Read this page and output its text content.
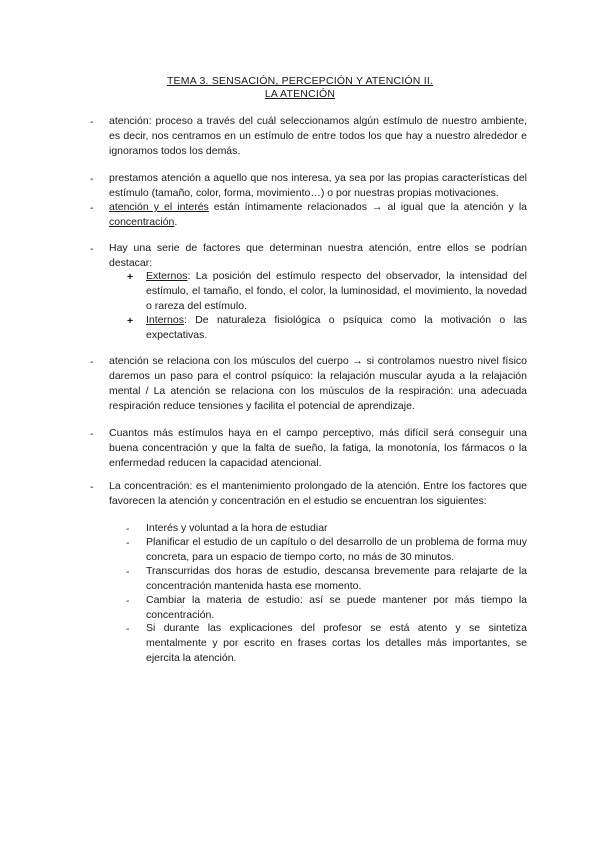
TEMA 3. SENSACIÓN, PERCEPCIÓN Y ATENCIÓN II.
LA ATENCIÓN
- atención: proceso a través del cuál seleccionamos algún estímulo de nuestro ambiente, es decir, nos centramos en un estímulo de entre todos los que hay a nuestro alrededor e ignoramos todos los demás.
- prestamos atención a aquello que nos interesa, ya sea por las propias características del estímulo (tamaño, color, forma, movimiento…) o por nuestras propias motivaciones.
- atención y el interés están íntimamente relacionados → al igual que la atención y la concentración.
- Hay una serie de factores que determinan nuestra atención, entre ellos se podrían destacar:
+ Externos: La posición del estímulo respecto del observador, la intensidad del estímulo, el tamaño, el fondo, el color, la luminosidad, el movimiento, la novedad o rareza del estímulo.
+ Internos: De naturaleza fisiológica o psíquica como la motivación o las expectativas.
- atención se relaciona con los músculos del cuerpo → si controlamos nuestro nivel físico daremos un paso para el control psíquico: la relajación muscular ayuda a la relajación mental / La atención se relaciona con los músculos de la respiración: una adecuada respiración reduce tensiones y facilita el potencial de aprendizaje.
- Cuantos más estímulos haya en el campo perceptivo, más difícil será conseguir una buena concentración y que la falta de sueño, la fatiga, la monotonía, los fármacos o la enfermedad reducen la capacidad atencional.
- La concentración: es el mantenimiento prolongado de la atención. Entre los factores que favorecen la atención y concentración en el estudio se encuentran los siguientes:
- Interés y voluntad a la hora de estudiar
- Planificar el estudio de un capítulo o del desarrollo de un problema de forma muy concreta, para un espacio de tiempo corto, no más de 30 minutos.
- Transcurridas dos horas de estudio, descansa brevemente para relajarte de la concentración mantenida hasta ese momento.
- Cambiar la materia de estudio: así se puede mantener por más tiempo la concentración.
- Si durante las explicaciones del profesor se está atento y se sintetiza mentalmente y por escrito en frases cortas los detalles más importantes, se ejercita la atención.
